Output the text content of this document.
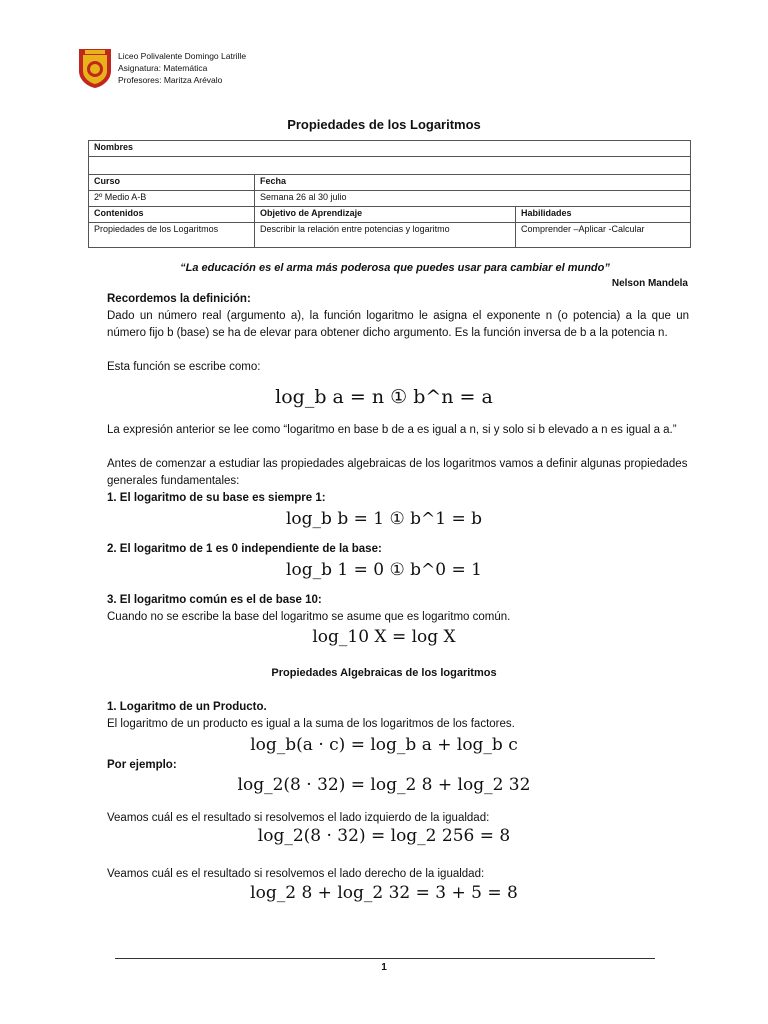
Liceo Polivalente Domingo Latrille
Asignatura: Matemática
Profesores: Maritza Arévalo
Propiedades de los Logaritmos
Nombres		

Curso	Fecha	
2º Medio A-B	Semana 26 al 30 julio	
Contenidos	Objetivo de Aprendizaje	Habilidades
Propiedades de los Logaritmos	Describir la relación entre potencias y logaritmo	Comprender –Aplicar -Calcular
“La educación es el arma más poderosa que puedes usar para cambiar el mundo”
Nelson Mandela
Recordemos la definición:
Dado un número real (argumento a), la función logaritmo le asigna el exponente n (o potencia) a la que un número fijo b (base) se ha de elevar para obtener dicho argumento. Es la función inversa de b a la potencia n.
Esta función se escribe como:
log_b a = n ① b^n = a
La expresión anterior se lee como “logaritmo en base b de a es igual a n, si y solo si b elevado a n es igual a a.”
Antes de comenzar a estudiar las propiedades algebraicas de los logaritmos vamos a definir algunas propiedades generales fundamentales:
1. El logaritmo de su base es siempre 1:
log_b b = 1 ① b^1 = b
2. El logaritmo de 1 es 0 independiente de la base:
log_b 1 = 0 ① b^0 = 1
3. El logaritmo común es el de base 10:
Cuando no se escribe la base del logaritmo se asume que es logaritmo común.
log_10 X = log X
Propiedades Algebraicas de los logaritmos
1. Logaritmo de un Producto.
El logaritmo de un producto es igual a la suma de los logaritmos de los factores.
log_b(a · c) = log_b a + log_b c
Por ejemplo:
log_2(8 · 32) = log_2 8 + log_2 32
Veamos cuál es el resultado si resolvemos el lado izquierdo de la igualdad:
log_2(8 · 32) = log_2 256 = 8
Veamos cuál es el resultado si resolvemos el lado derecho de la igualdad:
log_2 8 + log_2 32 = 3 + 5 = 8
1
